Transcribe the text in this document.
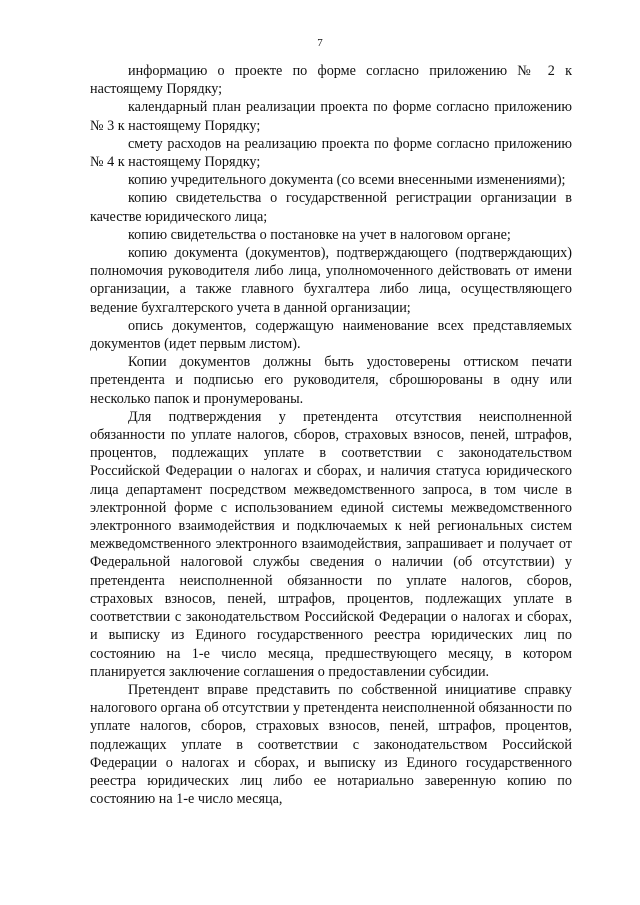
7

информацию о проекте по форме согласно приложению № 2 к настоящему Порядку;

календарный план реализации проекта по форме согласно приложению № 3 к настоящему Порядку;

смету расходов на реализацию проекта по форме согласно приложению № 4 к настоящему Порядку;

копию учредительного документа (со всеми внесенными изменениями);

копию свидетельства о государственной регистрации организации в качестве юридического лица;

копию свидетельства о постановке на учет в налоговом органе;

копию документа (документов), подтверждающего (подтверждающих) полномочия руководителя либо лица, уполномоченного действовать от имени организации, а также главного бухгалтера либо лица, осуществляющего ведение бухгалтерского учета в данной организации;

опись документов, содержащую наименование всех представляемых документов (идет первым листом).

Копии документов должны быть удостоверены оттиском печати претендента и подписью его руководителя, сброшюрованы в одну или несколько папок и пронумерованы.

Для подтверждения у претендента отсутствия неисполненной обязанности по уплате налогов, сборов, страховых взносов, пеней, штрафов, процентов, подлежащих уплате в соответствии с законодательством Российской Федерации о налогах и сборах, и наличия статуса юридического лица департамент посредством межведомственного запроса, в том числе в электронной форме с использованием единой системы межведомственного электронного взаимодействия и подключаемых к ней региональных систем межведомственного электронного взаимодействия, запрашивает и получает от Федеральной налоговой службы сведения о наличии (об отсутствии) у претендента неисполненной обязанности по уплате налогов, сборов, страховых взносов, пеней, штрафов, процентов, подлежащих уплате в соответствии с законодательством Российской Федерации о налогах и сборах, и выписку из Единого государственного реестра юридических лиц по состоянию на 1-е число месяца, предшествующего месяцу, в котором планируется заключение соглашения о предоставлении субсидии.

Претендент вправе представить по собственной инициативе справку налогового органа об отсутствии у претендента неисполненной обязанности по уплате налогов, сборов, страховых взносов, пеней, штрафов, процентов, подлежащих уплате в соответствии с законодательством Российской Федерации о налогах и сборах, и выписку из Единого государственного реестра юридических лиц либо ее нотариально заверенную копию по состоянию на 1-е число месяца,
